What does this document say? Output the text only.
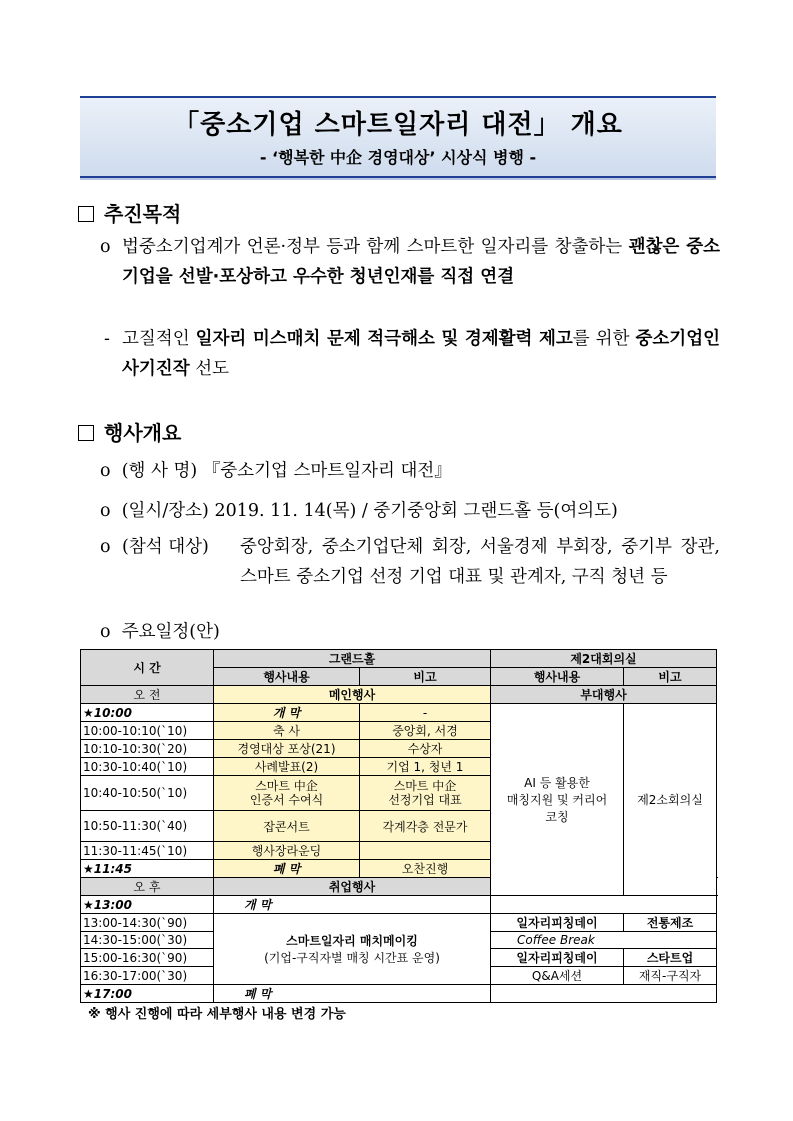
「중소기업 스마트일자리 대전」 개요
- ‘행복한 中企 경영대상’ 시상식 병행 -
추진목적
o 법중소기업계가 언론·정부 등과 함께 스마트한 일자리를 창출하는 괜찮은 중소기업을 선발·포상하고 우수한 청년인재를 직접 연결
- 고질적인 일자리 미스매치 문제 적극해소 및 경제활력 제고를 위한 중소기업인 사기진작 선도
행사개요
o (행 사 명) 『중소기업 스마트일자리 대전』
o (일시/장소) 2019. 11. 14(목) / 중기중앙회 그랜드홀 등(여의도)
o (참석 대상) 중앙회장, 중소기업단체 회장, 서울경제 부회장, 중기부 장관, 스마트 중소기업 선정 기업 대표 및 관계자, 구직 청년 등
o 주요일정(안)
시 간	그랜드홀		제2대회의실		
	행사내용	비고	행사내용	비고	
오 전	메인행사		부대행사		
★10:00	개 막	-	AI 등 활용한
매칭지원 및 커리어
코칭	제2소회의실	
10:00-10:10(`10)	축 사	중앙회, 서경			
10:10-10:30(`20)	경영대상 포상(21)	수상자			
10:30-10:40(`10)	사례발표(2)	기업 1, 청년 1			
10:40-10:50(`10)	스마트 中企
인증서 수여식	스마트 中企
선정기업 대표			
10:50-11:30(`40)	잡콘서트	각계각층 전문가			
11:30-11:45(`10)	행사장라운딩				
★11:45	폐 막	오찬진행			
오 후	취업행사	
★13:00	개 막				
13:00-14:30(`90)	스마트일자리 매치메이킹
(기업-구직자별 매칭 시간표 운영)		일자리피칭데이	전통제조	
14:30-15:00(`30)			Coffee Break		
15:00-16:30(`90)			일자리피칭데이	스타트업	
16:30-17:00(`30)			Q&A세션	재직-구직자	
★17:00	폐 막				
※ 행사 진행에 따라 세부행사 내용 변경 가능
